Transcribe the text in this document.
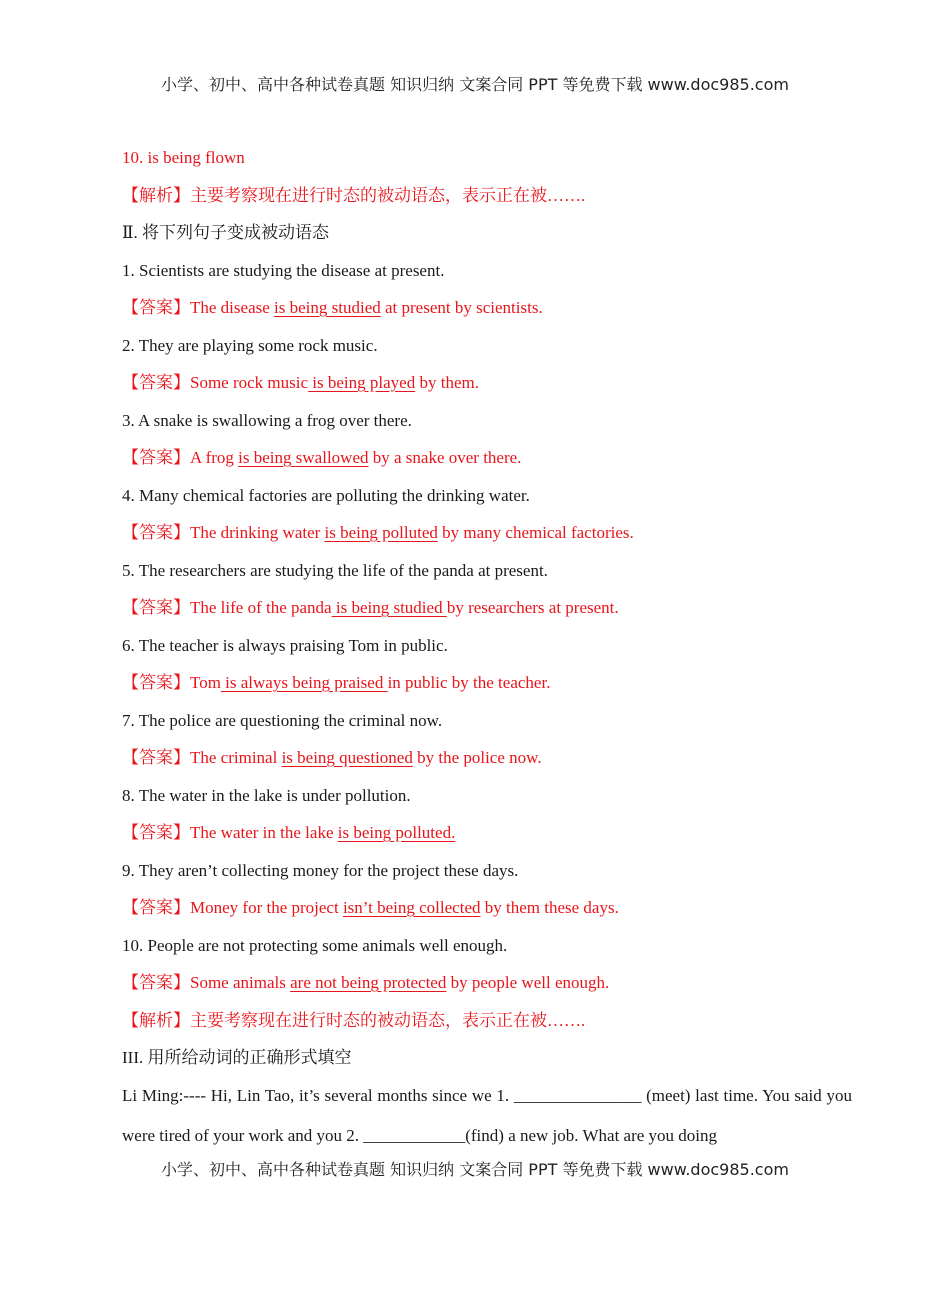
小学、初中、高中各种试卷真题 知识归纳 文案合同 PPT 等免费下载 www.doc985.com
10. is being flown
【解析】主要考察现在进行时态的被动语态，表示正在被…….
Ⅱ. 将下列句子变成被动语态
1. Scientists are studying the disease at present.
【答案】The disease is being studied at present by scientists.
2. They are playing some rock music.
【答案】Some rock music is being played by them.
3. A snake is swallowing a frog over there.
【答案】A frog is being swallowed by a snake over there.
4. Many chemical factories are polluting the drinking water.
【答案】The drinking water is being polluted by many chemical factories.
5. The researchers are studying the life of the panda at present.
【答案】The life of the panda is being studied by researchers at present.
6. The teacher is always praising Tom in public.
【答案】Tom is always being praised in public by the teacher.
7. The police are questioning the criminal now.
【答案】The criminal is being questioned by the police now.
8. The water in the lake is under pollution.
【答案】The water in the lake is being polluted.
9. They aren’t collecting money for the project these days.
【答案】Money for the project isn’t being collected by them these days.
10. People are not protecting some animals well enough.
【答案】Some animals are not being protected by people well enough.
【解析】主要考察现在进行时态的被动语态，表示正在被…….
III. 用所给动词的正确形式填空
Li Ming:---- Hi, Lin Tao, it’s several months since we 1. _______________ (meet) last time. You said you were tired of your work and you 2. ____________(find) a new job. What are you doing
小学、初中、高中各种试卷真题 知识归纳 文案合同 PPT 等免费下载 www.doc985.com
